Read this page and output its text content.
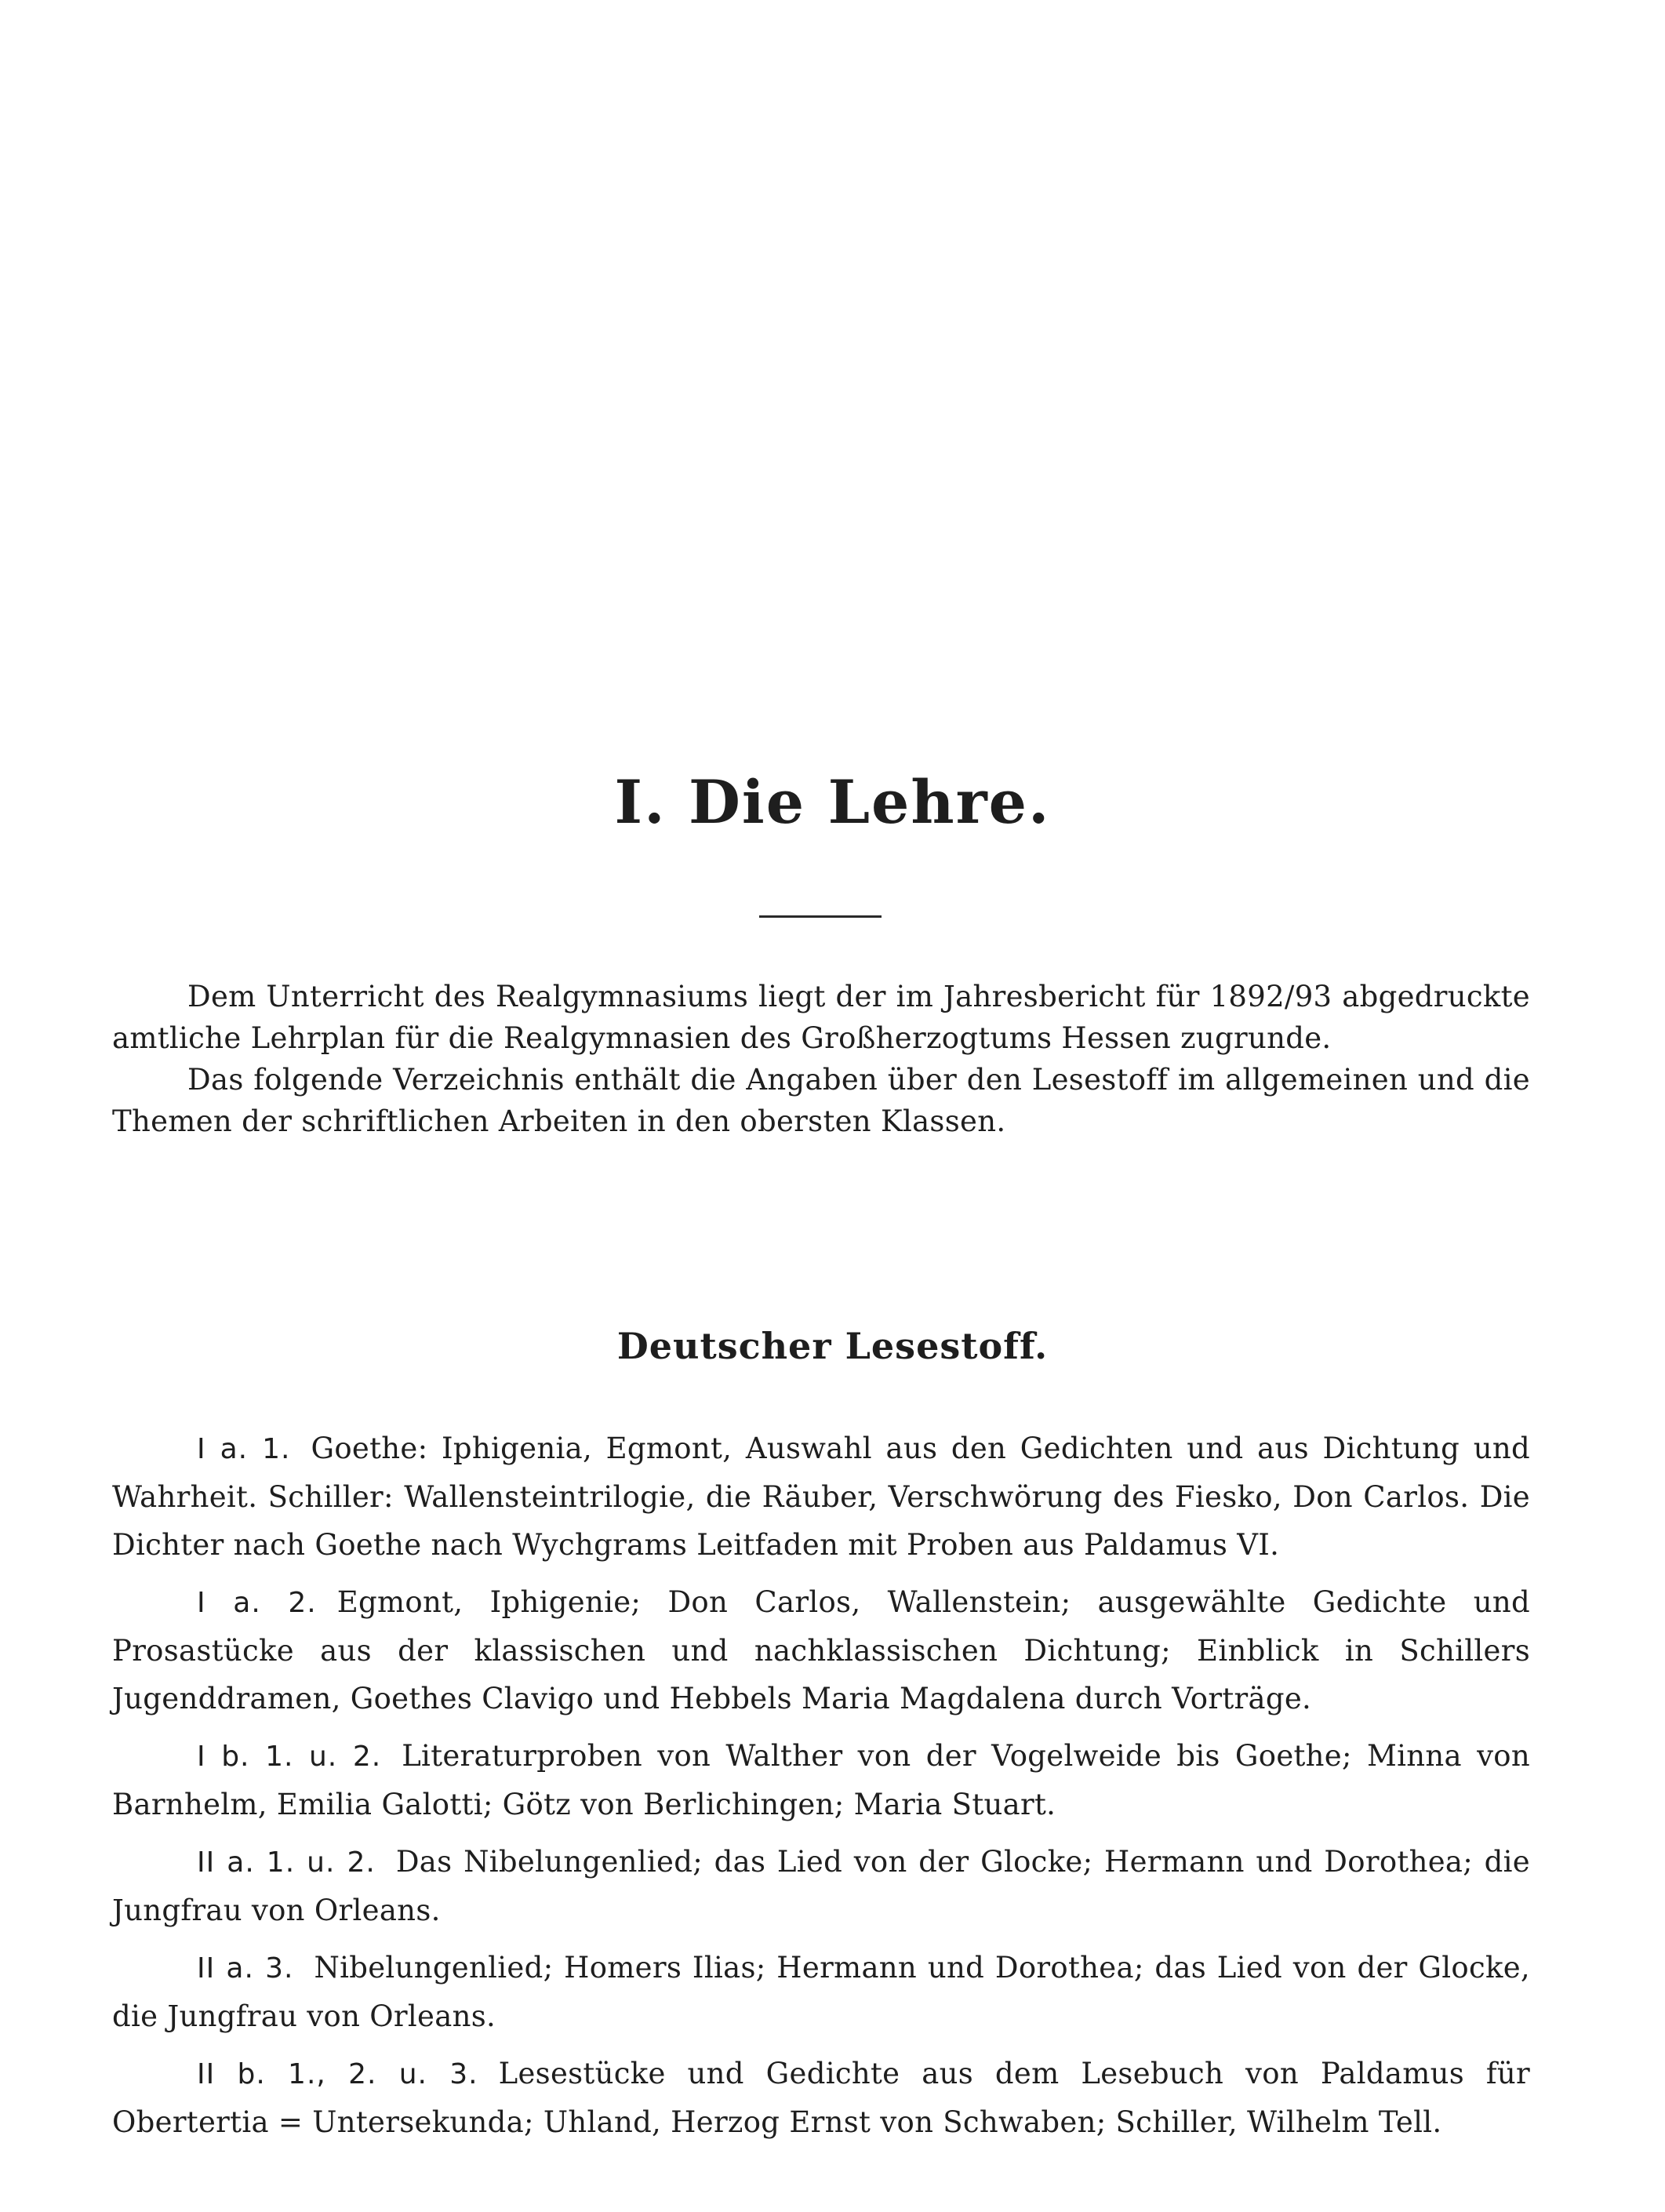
I. Die Lehre.

Dem Unterricht des Realgymnasiums liegt der im Jahresbericht für 1892/93 abgedruckte amtliche Lehrplan für die Realgymnasien des Großherzogtums Hessen zugrunde.

Das folgende Verzeichnis enthält die Angaben über den Lesestoff im allgemeinen und die Themen der schriftlichen Arbeiten in den obersten Klassen.

Deutscher Lesestoff.

I a. 1. Goethe: Iphigenia, Egmont, Auswahl aus den Gedichten und aus Dichtung und Wahrheit. Schiller: Wallensteintrilogie, die Räuber, Verschwörung des Fiesko, Don Carlos. Die Dichter nach Goethe nach Wychgrams Leitfaden mit Proben aus Paldamus VI.

I a. 2. Egmont, Iphigenie; Don Carlos, Wallenstein; ausgewählte Gedichte und Prosastücke aus der klassischen und nachklassischen Dichtung; Einblick in Schillers Jugenddramen, Goethes Clavigo und Hebbels Maria Magdalena durch Vorträge.

I b. 1. u. 2. Literaturproben von Walther von der Vogelweide bis Goethe; Minna von Barnhelm, Emilia Galotti; Götz von Berlichingen; Maria Stuart.

II a. 1. u. 2. Das Nibelungenlied; das Lied von der Glocke; Hermann und Dorothea; die Jungfrau von Orleans.

II a. 3. Nibelungenlied; Homers Ilias; Hermann und Dorothea; das Lied von der Glocke, die Jungfrau von Orleans.

II b. 1., 2. u. 3. Lesestücke und Gedichte aus dem Lesebuch von Paldamus für Obertertia = Untersekunda; Uhland, Herzog Ernst von Schwaben; Schiller, Wilhelm Tell.
